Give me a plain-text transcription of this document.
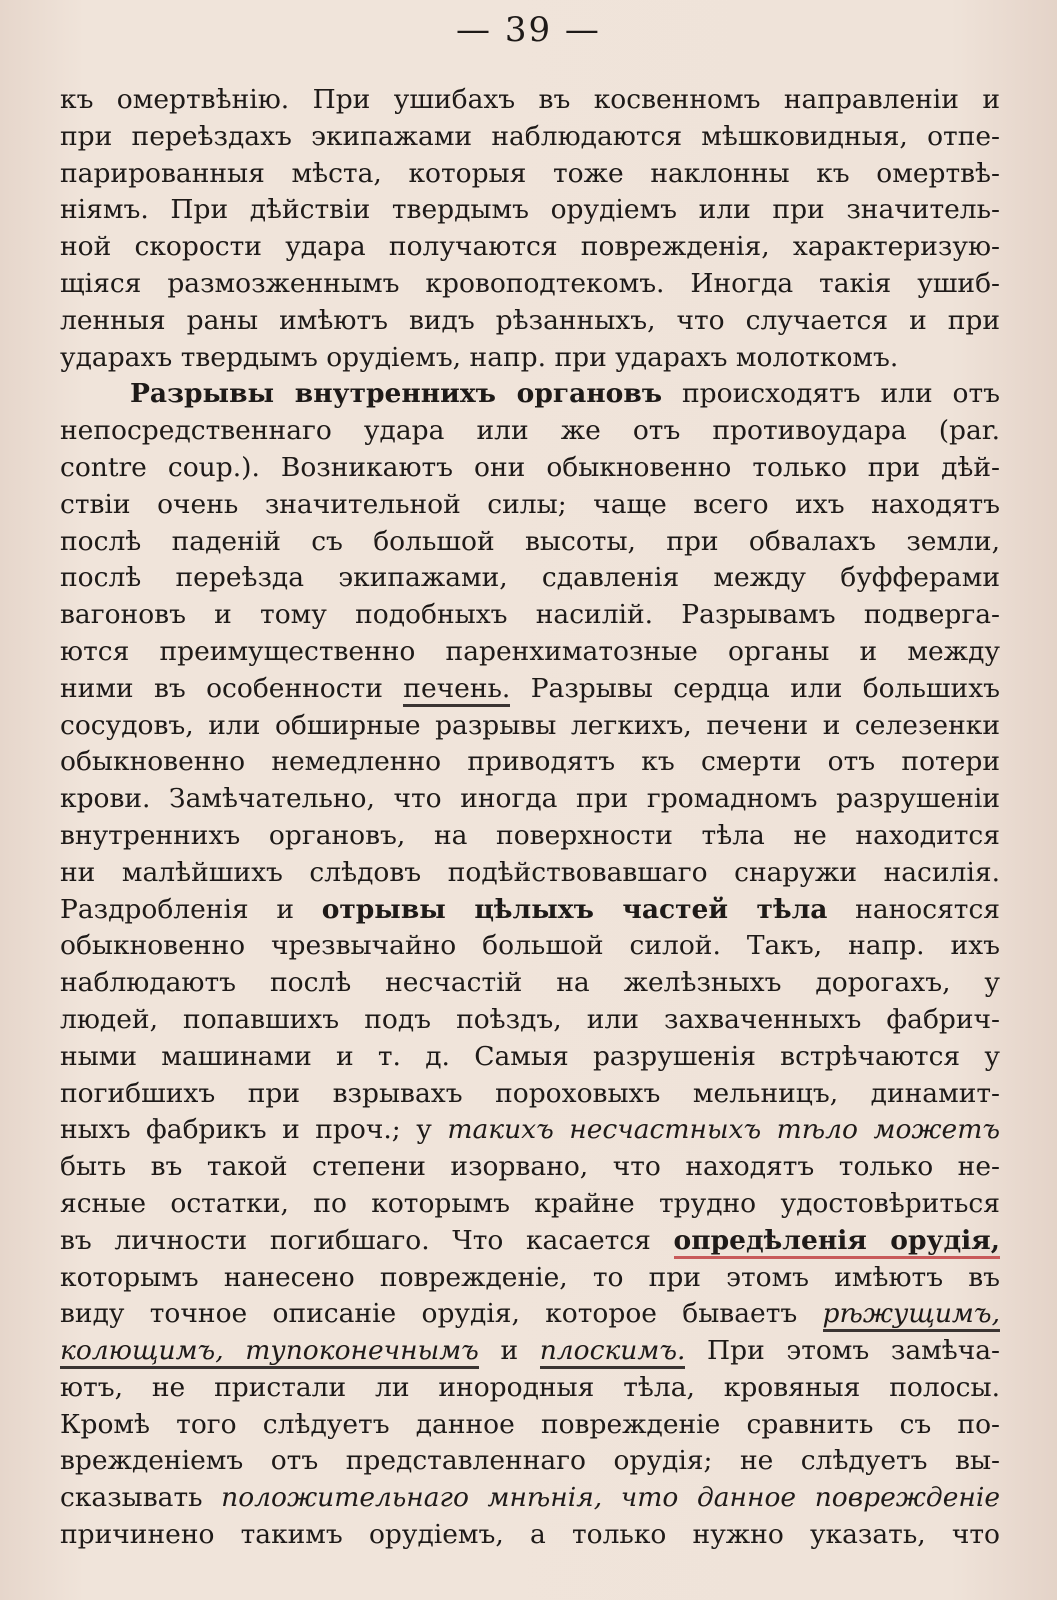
— 39 —
къ омертвѣнію. При ушибахъ въ косвенномъ направленіи и
при переѣздахъ экипажами наблюдаются мѣшковидныя, отпе-
парированныя мѣста, которыя тоже наклонны къ омертвѣ-
ніямъ. При дѣйствіи твердымъ орудіемъ или при значитель-
ной скорости удара получаются поврежденія, характеризую-
щіяся размозженнымъ кровоподтекомъ. Иногда такія ушиб-
ленныя раны имѣютъ видъ рѣзанныхъ, что случается и при
ударахъ твердымъ орудіемъ, напр. при ударахъ молоткомъ.
Разрывы внутреннихъ органовъ происходятъ или отъ
непосредственнаго удара или же отъ противоудара (par.
contre coup.). Возникаютъ они обыкновенно только при дѣй-
ствіи очень значительной силы; чаще всего ихъ находятъ
послѣ паденій съ большой высоты, при обвалахъ земли,
послѣ переѣзда экипажами, сдавленія между буфферами
вагоновъ и тому подобныхъ насилій. Разрывамъ подверга-
ются преимущественно паренхиматозные органы и между
ними въ особенности печень. Разрывы сердца или большихъ
сосудовъ, или обширные разрывы легкихъ, печени и селезенки
обыкновенно немедленно приводятъ къ смерти отъ потери
крови. Замѣчательно, что иногда при громадномъ разрушеніи
внутреннихъ органовъ, на поверхности тѣла не находится
ни малѣйшихъ слѣдовъ подѣйствовавшаго снаружи насилія.
Раздробленія и отрывы цѣлыхъ частей тѣла наносятся
обыкновенно чрезвычайно большой силой. Такъ, напр. ихъ
наблюдаютъ послѣ несчастій на желѣзныхъ дорогахъ, у
людей, попавшихъ подъ поѣздъ, или захваченныхъ фабрич-
ными машинами и т. д. Самыя разрушенія встрѣчаются у
погибшихъ при взрывахъ пороховыхъ мельницъ, динамит-
ныхъ фабрикъ и проч.; у такихъ несчастныхъ тѣло можетъ
быть въ такой степени изорвано, что находятъ только не-
ясные остатки, по которымъ крайне трудно удостовѣриться
въ личности погибшаго. Что касается опредѣленія орудія,
которымъ нанесено поврежденіе, то при этомъ имѣютъ въ
виду точное описаніе орудія, которое бываетъ рѣжущимъ,
колющимъ, тупоконечнымъ и плоскимъ. При этомъ замѣча-
ютъ, не пристали ли инородныя тѣла, кровяныя полосы.
Кромѣ того слѣдуетъ данное поврежденіе сравнить съ по-
врежденіемъ отъ представленнаго орудія; не слѣдуетъ вы-
сказывать положительнаго мнѣнія, что данное поврежденіе
причинено такимъ орудіемъ, а только нужно указать, что
